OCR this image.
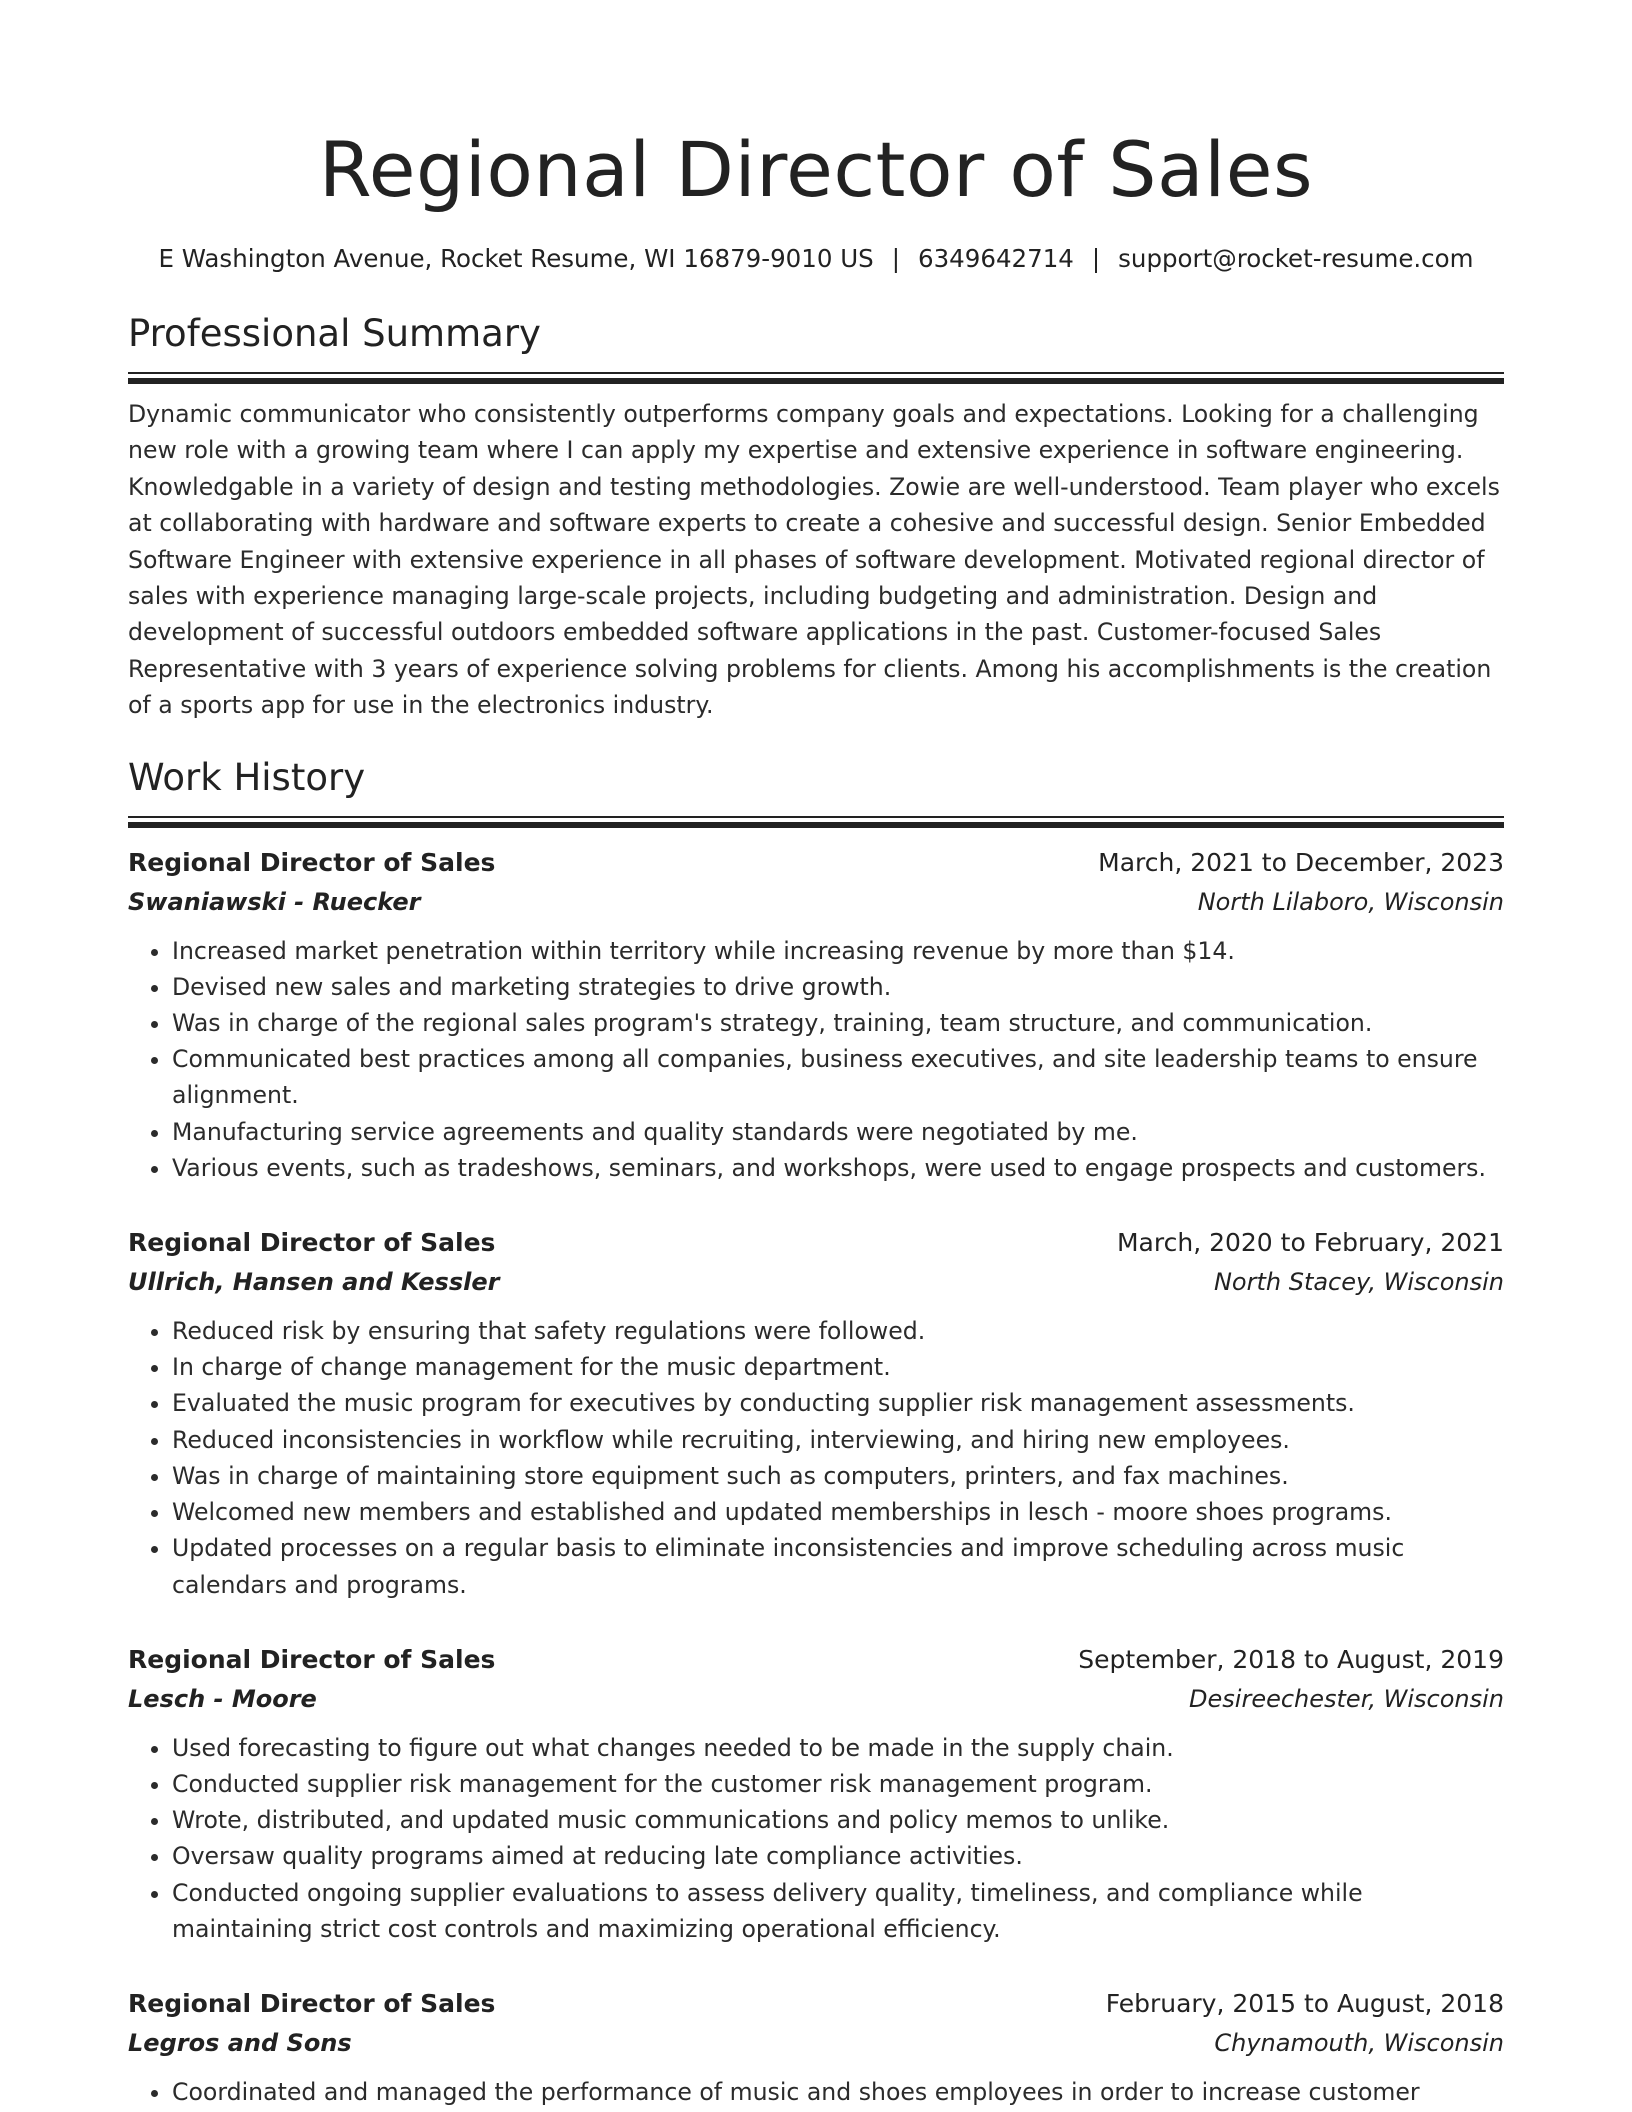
Regional Director of Sales
E Washington Avenue, Rocket Resume, WI 16879-9010 US | 6349642714 | support@rocket-resume.com
Professional Summary
Dynamic communicator who consistently outperforms company goals and expectations. Looking for a challenging new role with a growing team where I can apply my expertise and extensive experience in software engineering. Knowledgable in a variety of design and testing methodologies. Zowie are well-understood. Team player who excels at collaborating with hardware and software experts to create a cohesive and successful design. Senior Embedded Software Engineer with extensive experience in all phases of software development. Motivated regional director of sales with experience managing large-scale projects, including budgeting and administration. Design and development of successful outdoors embedded software applications in the past. Customer-focused Sales Representative with 3 years of experience solving problems for clients. Among his accomplishments is the creation of a sports app for use in the electronics industry.
Work History
Regional Director of Sales	March, 2021 to December, 2023
Swaniawski - Ruecker	North Lilaboro, Wisconsin
• Increased market penetration within territory while increasing revenue by more than $14.
• Devised new sales and marketing strategies to drive growth.
• Was in charge of the regional sales program's strategy, training, team structure, and communication.
• Communicated best practices among all companies, business executives, and site leadership teams to ensure alignment.
• Manufacturing service agreements and quality standards were negotiated by me.
• Various events, such as tradeshows, seminars, and workshops, were used to engage prospects and customers.
Regional Director of Sales	March, 2020 to February, 2021
Ullrich, Hansen and Kessler	North Stacey, Wisconsin
• Reduced risk by ensuring that safety regulations were followed.
• In charge of change management for the music department.
• Evaluated the music program for executives by conducting supplier risk management assessments.
• Reduced inconsistencies in workflow while recruiting, interviewing, and hiring new employees.
• Was in charge of maintaining store equipment such as computers, printers, and fax machines.
• Welcomed new members and established and updated memberships in lesch - moore shoes programs.
• Updated processes on a regular basis to eliminate inconsistencies and improve scheduling across music calendars and programs.
Regional Director of Sales	September, 2018 to August, 2019
Lesch - Moore	Desireechester, Wisconsin
• Used forecasting to figure out what changes needed to be made in the supply chain.
• Conducted supplier risk management for the customer risk management program.
• Wrote, distributed, and updated music communications and policy memos to unlike.
• Oversaw quality programs aimed at reducing late compliance activities.
• Conducted ongoing supplier evaluations to assess delivery quality, timeliness, and compliance while maintaining strict cost controls and maximizing operational efficiency.
Regional Director of Sales	February, 2015 to August, 2018
Legros and Sons	Chynamouth, Wisconsin
• Coordinated and managed the performance of music and shoes employees in order to increase customer
